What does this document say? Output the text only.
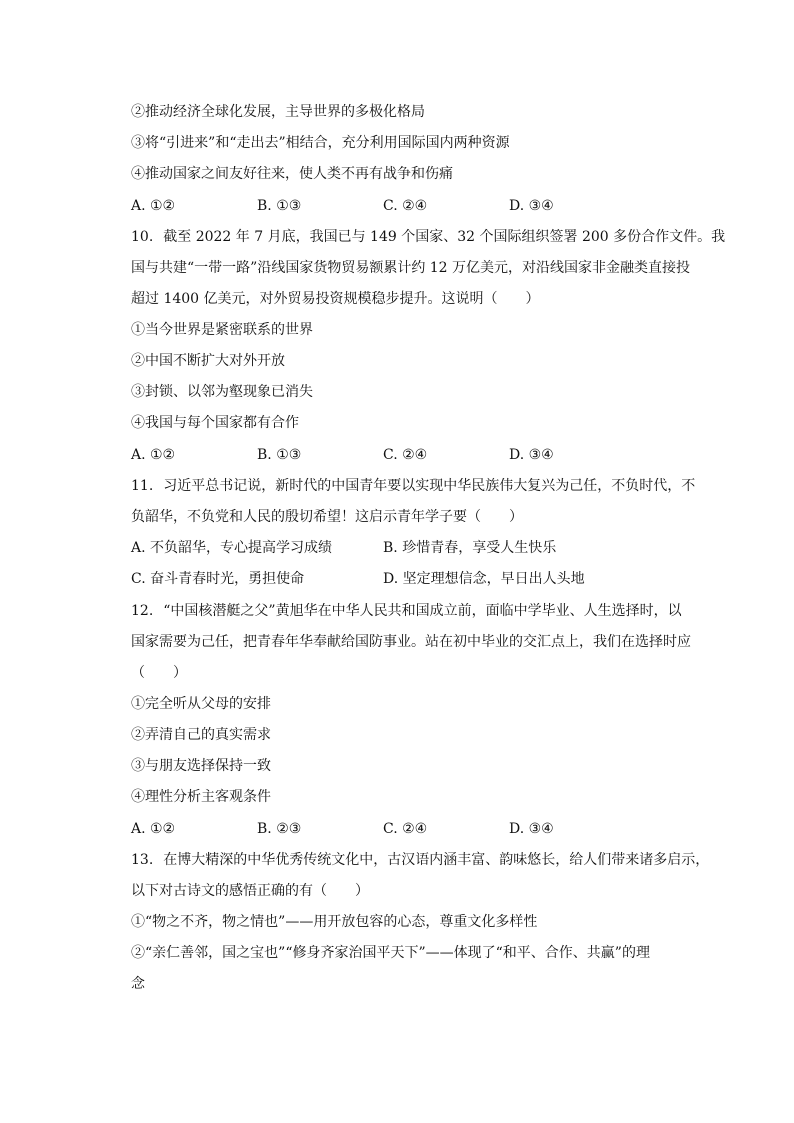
②推动经济全球化发展，主导世界的多极化格局
③将“引进来”和“走出去”相结合，充分利用国际国内两种资源
④推动国家之间友好往来，使人类不再有战争和伤痛
A. ①②	B. ①③	C. ②④	D. ③④
10. 截至 2022 年 7 月底，我国已与 149 个国家、32 个国际组织签署 200 多份合作文件。我
国与共建“一带一路”沿线国家货物贸易额累计约 12 万亿美元，对沿线国家非金融类直接投
超过 1400 亿美元，对外贸易投资规模稳步提升。这说明（　　）
①当今世界是紧密联系的世界
②中国不断扩大对外开放
③封锁、以邻为壑现象已消失
④我国与每个国家都有合作
A. ①②	B. ①③	C. ②④	D. ③④
11. 习近平总书记说，新时代的中国青年要以实现中华民族伟大复兴为己任，不负时代，不
负韶华，不负党和人民的殷切希望！这启示青年学子要（　　）
A. 不负韶华，专心提高学习成绩	B. 珍惜青春，享受人生快乐
C. 奋斗青春时光，勇担使命	D. 坚定理想信念，早日出人头地
12. “中国核潜艇之父”黄旭华在中华人民共和国成立前，面临中学毕业、人生选择时，以
国家需要为己任，把青春年华奉献给国防事业。站在初中毕业的交汇点上，我们在选择时应
（　　）
①完全听从父母的安排
②弄清自己的真实需求
③与朋友选择保持一致
④理性分析主客观条件
A. ①②	B. ②③	C. ②④	D. ③④
13. 在博大精深的中华优秀传统文化中，古汉语内涵丰富、韵味悠长，给人们带来诸多启示，
以下对古诗文的感悟正确的有（　　）
①“物之不齐，物之情也”——用开放包容的心态，尊重文化多样性
②“亲仁善邻，国之宝也”“修身齐家治国平天下”——体现了“和平、合作、共赢”的理
念
